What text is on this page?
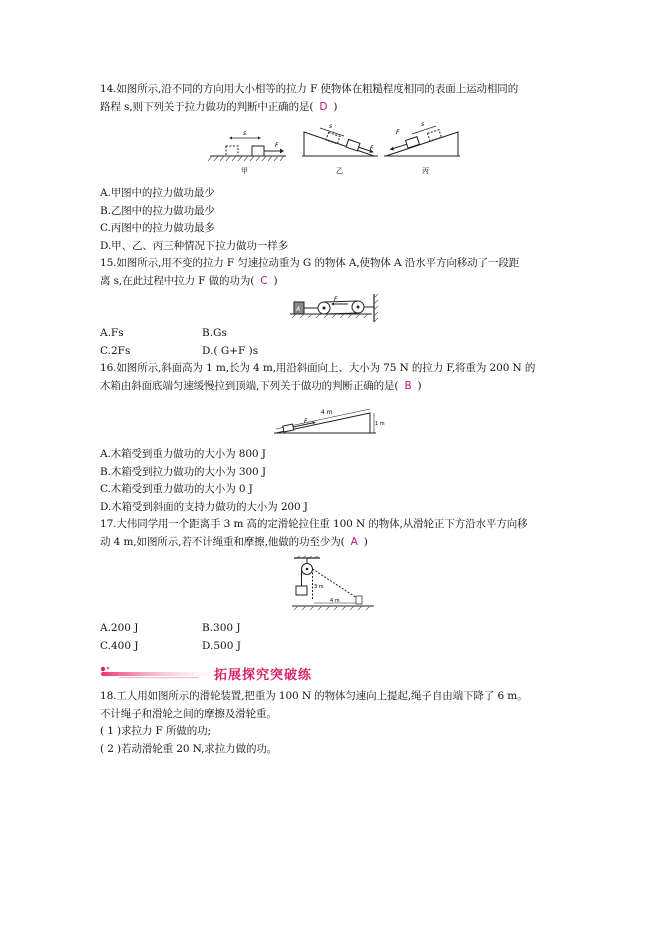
14.如图所示,沿不同的方向用大小相等的拉力 F 使物体在粗糙程度相同的表面上运动相同的
路程 s,则下列关于拉力做功的判断中正确的是( D )
s
F
甲
s
F
乙
s
F
丙
A.甲图中的拉力做功最少
B.乙图中的拉力做功最少
C.丙图中的拉力做功最多
D.甲、乙、丙三种情况下拉力做功一样多
15.如图所示,用不变的拉力 F 匀速拉动重为 G 的物体 A,使物体 A 沿水平方向移动了一段距
离 s,在此过程中拉力 F 做的功为( C )
A
F
A.Fs	B.Gs
C.2Fs	D.( G+F )s
16.如图所示,斜面高为 1 m,长为 4 m,用沿斜面向上、大小为 75 N 的拉力 F,将重为 200 N 的
木箱由斜面底端匀速缓慢拉到顶端,下列关于做功的判断正确的是( B )
4 m
1 m
F
A.木箱受到重力做功的大小为 800 J
B.木箱受到拉力做功的大小为 300 J
C.木箱受到重力做功的大小为 0 J
D.木箱受到斜面的支持力做功的大小为 200 J
17.大伟同学用一个距离手 3 m 高的定滑轮拉住重 100 N 的物体,从滑轮正下方沿水平方向移
动 4 m,如图所示,若不计绳重和摩擦,他做的功至少为( A )
3 m
4 m
A.200 J	B.300 J
C.400 J	D.500 J
拓展探究突破练
18.工人用如图所示的滑轮装置,把重为 100 N 的物体匀速向上提起,绳子自由端下降了 6 m。
不计绳子和滑轮之间的摩擦及滑轮重。
( 1 )求拉力 F 所做的功;
( 2 )若动滑轮重 20 N,求拉力做的功。
